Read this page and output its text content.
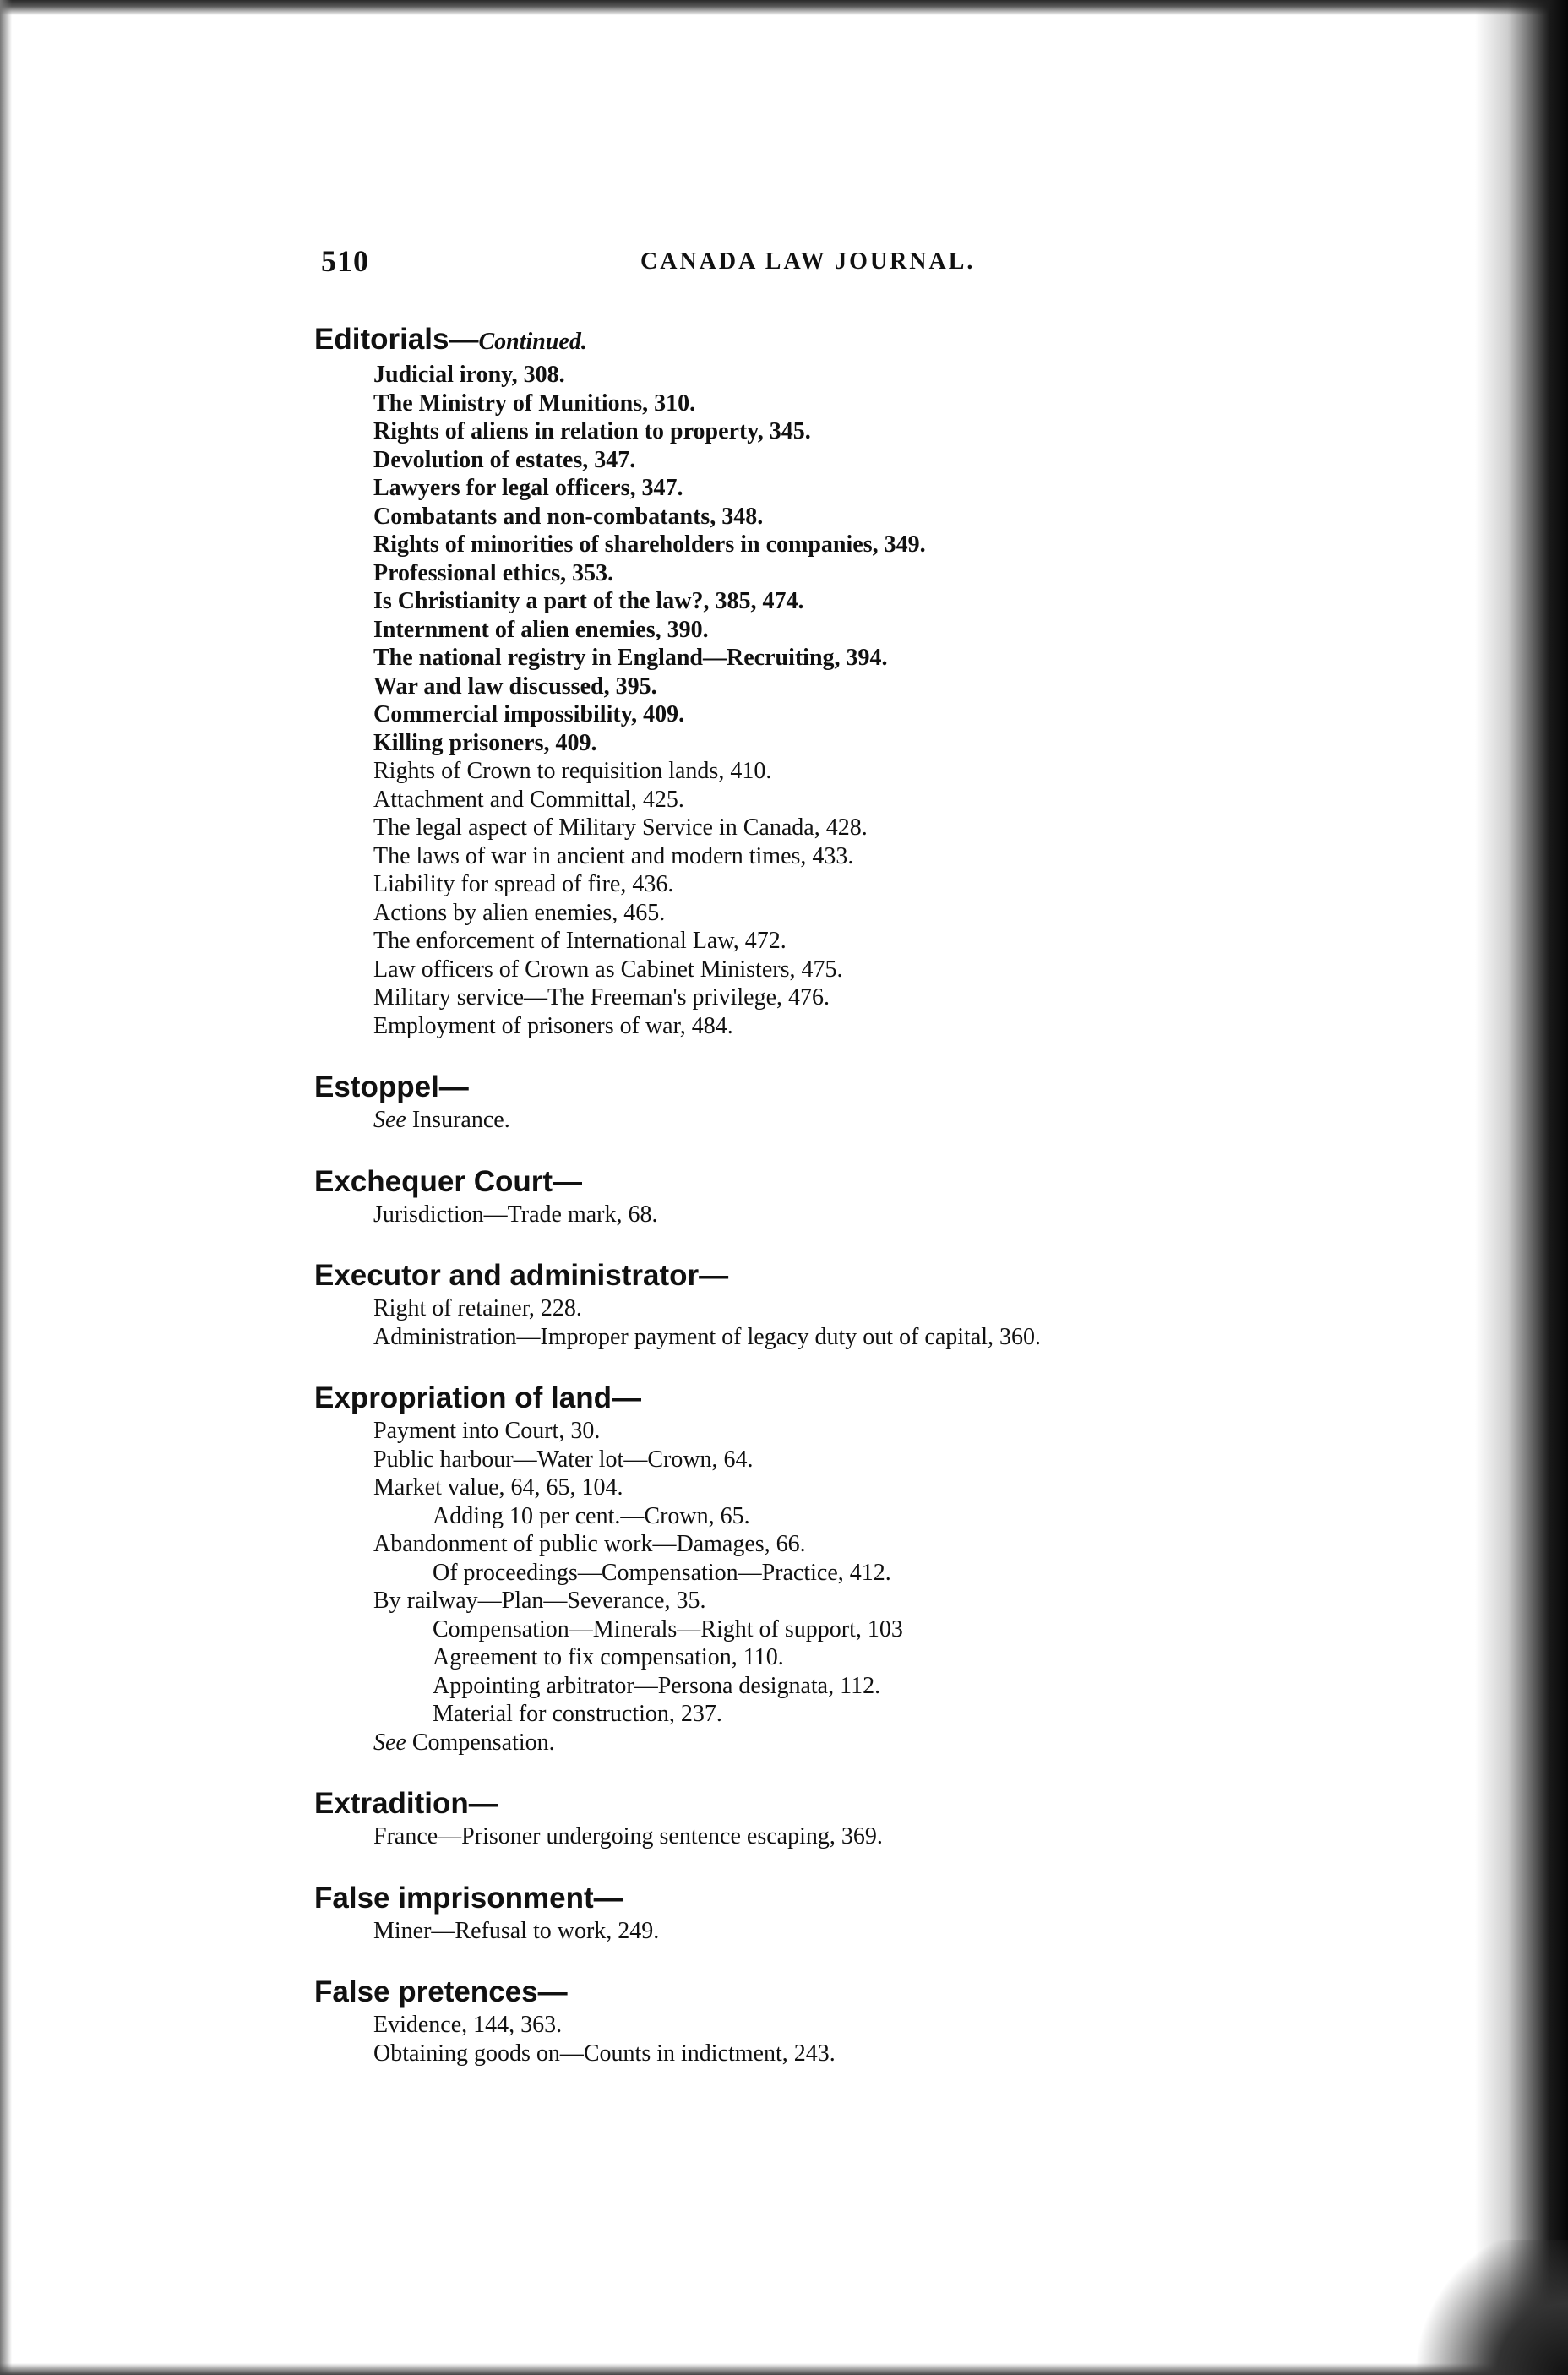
510	CANADA LAW JOURNAL.
Editorials—Continued.
Judicial irony, 308.
The Ministry of Munitions, 310.
Rights of aliens in relation to property, 345.
Devolution of estates, 347.
Lawyers for legal officers, 347.
Combatants and non-combatants, 348.
Rights of minorities of shareholders in companies, 349.
Professional ethics, 353.
Is Christianity a part of the law?, 385, 474.
Internment of alien enemies, 390.
The national registry in England—Recruiting, 394.
War and law discussed, 395.
Commercial impossibility, 409.
Killing prisoners, 409.
Rights of Crown to requisition lands, 410.
Attachment and Committal, 425.
The legal aspect of Military Service in Canada, 428.
The laws of war in ancient and modern times, 433.
Liability for spread of fire, 436.
Actions by alien enemies, 465.
The enforcement of International Law, 472.
Law officers of Crown as Cabinet Ministers, 475.
Military service—The Freeman's privilege, 476.
Employment of prisoners of war, 484.
Estoppel—
See Insurance.
Exchequer Court—
Jurisdiction—Trade mark, 68.
Executor and administrator—
Right of retainer, 228.
Administration—Improper payment of legacy duty out of capital, 360.
Expropriation of land—
Payment into Court, 30.
Public harbour—Water lot—Crown, 64.
Market value, 64, 65, 104.
Adding 10 per cent.—Crown, 65.
Abandonment of public work—Damages, 66.
Of proceedings—Compensation—Practice, 412.
By railway—Plan—Severance, 35.
Compensation—Minerals—Right of support, 103
Agreement to fix compensation, 110.
Appointing arbitrator—Persona designata, 112.
Material for construction, 237.
See Compensation.
Extradition—
France—Prisoner undergoing sentence escaping, 369.
False imprisonment—
Miner—Refusal to work, 249.
False pretences—
Evidence, 144, 363.
Obtaining goods on—Counts in indictment, 243.
